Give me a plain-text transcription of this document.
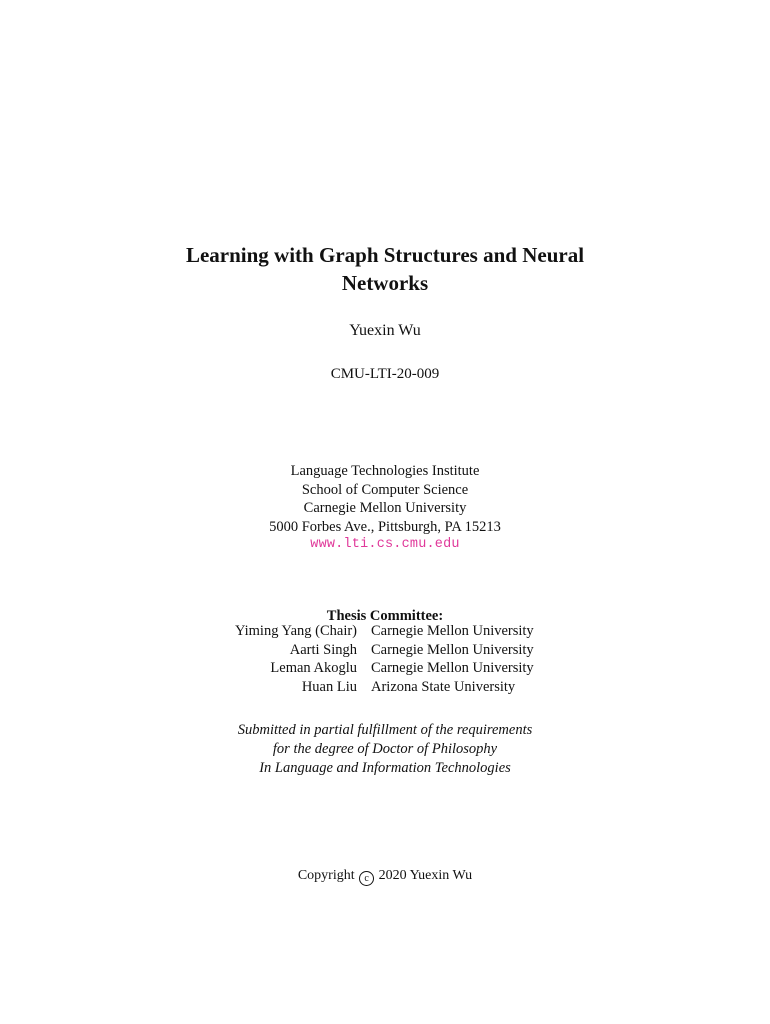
Learning with Graph Structures and Neural
Networks
Yuexin Wu
CMU-LTI-20-009
Language Technologies Institute
School of Computer Science
Carnegie Mellon University
5000 Forbes Ave., Pittsburgh, PA 15213
www.lti.cs.cmu.edu
Thesis Committee:
Yiming Yang (Chair) Carnegie Mellon University
Aarti Singh Carnegie Mellon University
Leman Akoglu Carnegie Mellon University
Huan Liu Arizona State University
Submitted in partial fulfillment of the requirements
for the degree of Doctor of Philosophy
In Language and Information Technologies
Copyright c 2020 Yuexin Wu
